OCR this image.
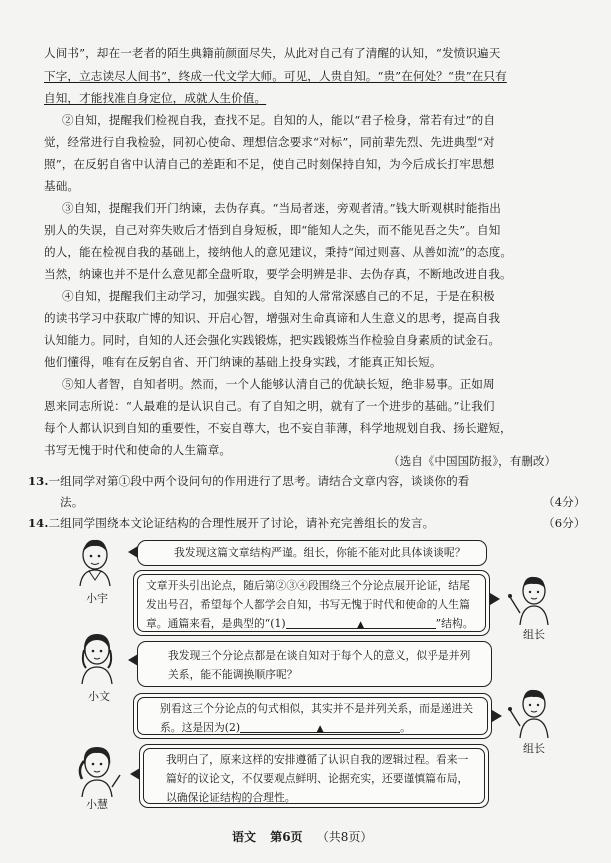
人间书”，却在一老者的陌生典籍前颜面尽失，从此对自己有了清醒的认知，“发愤识遍天
下字，立志读尽人间书”，终成一代文学大师。可见，人贵自知。“贵”在何处？“贵”在只有
自知，才能找准自身定位，成就人生价值。
②自知，提醒我们检视自我，查找不足。自知的人，能以“君子检身，常若有过”的自
觉，经常进行自我检验，同初心使命、理想信念要求“对标”，同前辈先烈、先进典型“对
照”，在反躬自省中认清自己的差距和不足，使自己时刻保持自知，为今后成长打牢思想
基础。
③自知，提醒我们开门纳谏，去伪存真。“当局者迷，旁观者清。”钱大昕观棋时能指出
别人的失误，自己对弈失败后才悟到自身短板，即“能知人之失，而不能见吾之失”。自知
的人，能在检视自我的基础上，接纳他人的意见建议，秉持“闻过则喜、从善如流”的态度。
当然，纳谏也并不是什么意见都全盘听取，要学会明辨是非、去伪存真，不断地改进自我。
④自知，提醒我们主动学习，加强实践。自知的人常常深感自己的不足，于是在积极
的读书学习中获取广博的知识、开启心智，增强对生命真谛和人生意义的思考，提高自我
认知能力。同时，自知的人还会强化实践锻炼，把实践锻炼当作检验自身素质的试金石。
他们懂得，唯有在反躬自省、开门纳谏的基础上投身实践，才能真正知长短。
⑤知人者智，自知者明。然而，一个人能够认清自己的优缺长短，绝非易事。正如周
恩来同志所说：“人最难的是认识自己。有了自知之明，就有了一个进步的基础。”让我们
每个人都认识到自知的重要性，不妄自尊大，也不妄自菲薄，科学地规划自我、扬长避短，
书写无愧于时代和使命的人生篇章。
（选自《中国国防报》，有删改）
13.一组同学对第①段中两个设问句的作用进行了思考。请结合文章内容，谈谈你的看
法。	（4分）
14.二组同学围绕本文论证结构的合理性展开了讨论，请补充完善组长的发言。	（6分）
小宇
我发现这篇文章结构严谨。组长，你能不能对此具体谈谈呢？
文章开头引出论点，随后第②③④段围绕三个分论点展开论证，结尾发出号召，希望每个人都学会自知，书写无愧于时代和使命的人生篇章。通篇来看，是典型的“(1)	▲	”结构。
组长
小文
我发现三个分论点都是在谈自知对于每个人的意义，似乎是并列关系，能不能调换顺序呢？
别看这三个分论点的句式相似，其实并不是并列关系，而是递进关系。这是因为(2)	▲	。
组长
小慧
我明白了，原来这样的安排遵循了认识自我的逻辑过程。看来一篇好的议论文，不仅要观点鲜明、论据充实，还要谨慎篇布局，以确保论证结构的合理性。
语文 第6页 （共8页）
